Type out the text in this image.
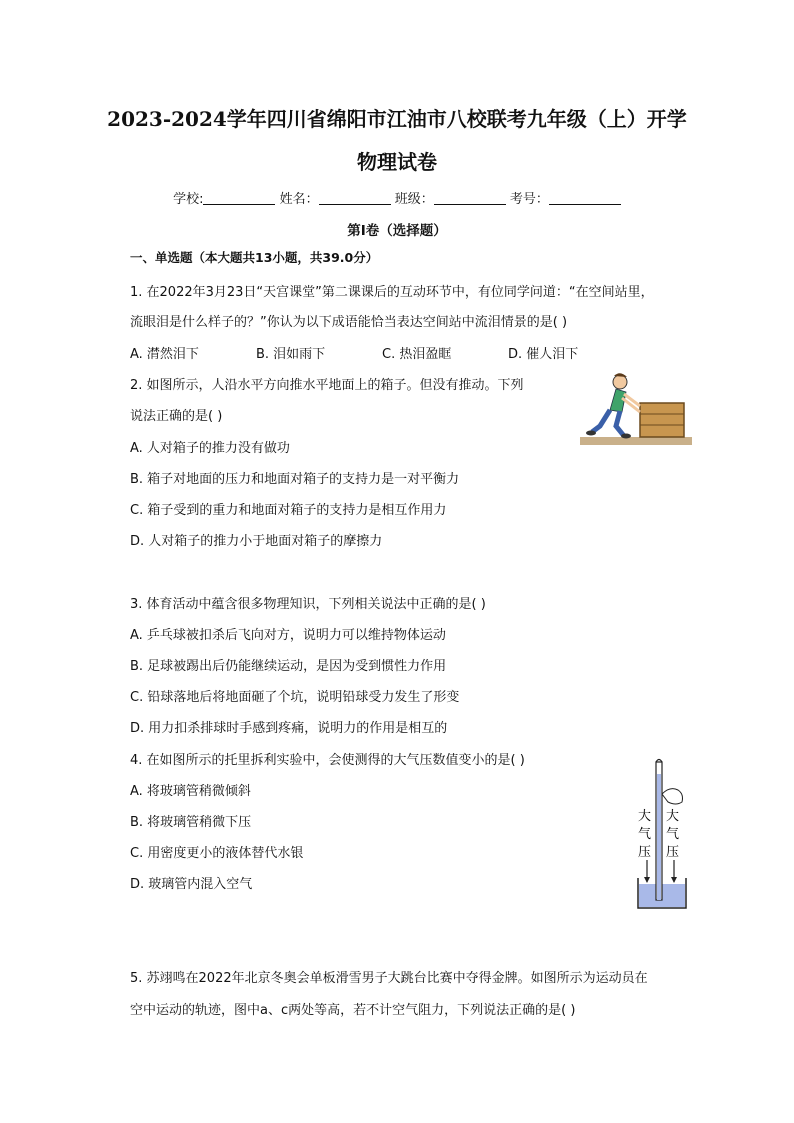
2023-2024学年四川省绵阳市江油市八校联考九年级（上）开学
物理试卷
学校:	姓名：	班级：	考号：
第I卷（选择题）
一、单选题（本大题共13小题，共39.0分）
1. 在2022年3月23日“天宫课堂”第二课课后的互动环节中，有位同学问道：“在空间站里，
流眼泪是什么样子的？”你认为以下成语能恰当表达空间站中流泪情景的是( )
A. 潸然泪下	B. 泪如雨下	C. 热泪盈眶	D. 催人泪下
2. 如图所示，人沿水平方向推水平地面上的箱子。但没有推动。下列
说法正确的是( )
A. 人对箱子的推力没有做功
B. 箱子对地面的压力和地面对箱子的支持力是一对平衡力
C. 箱子受到的重力和地面对箱子的支持力是相互作用力
D. 人对箱子的推力小于地面对箱子的摩擦力
3. 体育活动中蕴含很多物理知识，下列相关说法中正确的是( )
A. 乒乓球被扣杀后飞向对方，说明力可以维持物体运动
B. 足球被踢出后仍能继续运动，是因为受到惯性力作用
C. 铅球落地后将地面砸了个坑，说明铅球受力发生了形变
D. 用力扣杀排球时手感到疼痛，说明力的作用是相互的
4. 在如图所示的托里拆利实验中，会使测得的大气压数值变小的是( )
A. 将玻璃管稍微倾斜
B. 将玻璃管稍微下压
C. 用密度更小的液体替代水银
D. 玻璃管内混入空气
大
气
压
大
气
压
5. 苏翊鸣在2022年北京冬奥会单板滑雪男子大跳台比赛中夺得金牌。如图所示为运动员在
空中运动的轨迹，图中a、c两处等高，若不计空气阻力，下列说法正确的是( )
